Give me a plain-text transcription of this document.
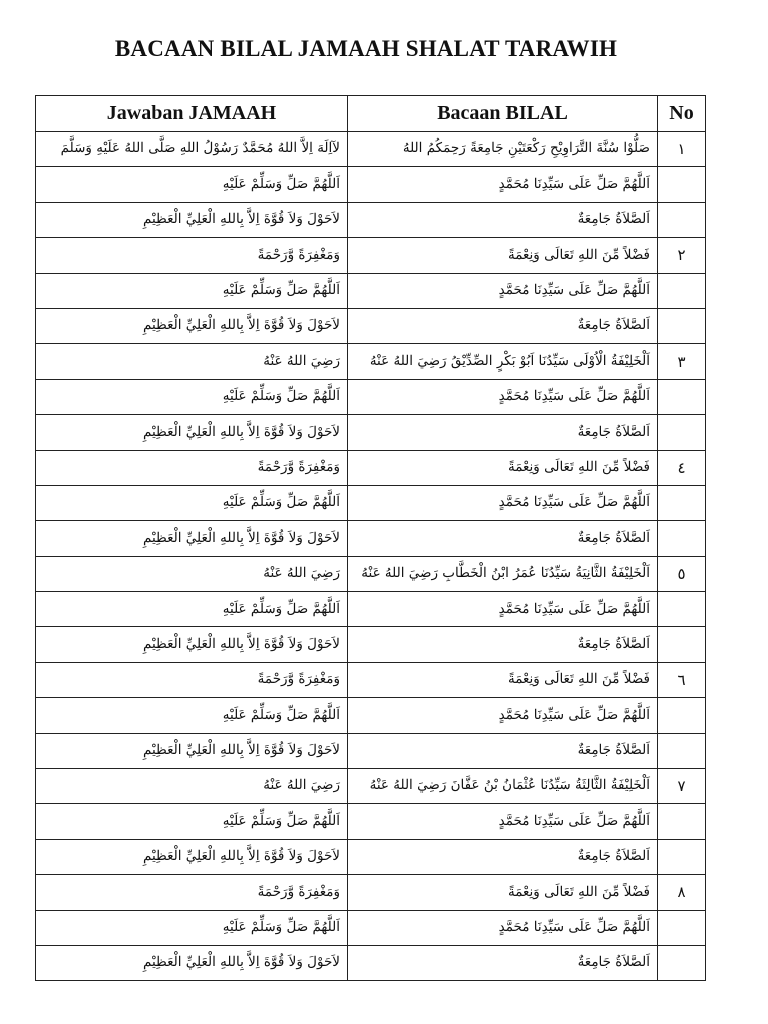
BACAAN BILAL JAMAAH SHALAT TARAWIH
Jawaban JAMAAH	Bacaan BILAL	No
لآاِلَهَ اِلاَّ اللهُ مُحَمَّدٌ رَسُوْلُ اللهِ صَلَّى اللهُ عَلَيْهِ وَسَلَّمَ	صَلُّوْا سُنَّةَ التَّرَاوِيْحِ رَكْعَتَيْنِ جَامِعَةً رَحِمَكُمُ اللهُ	١
اَللَّهُمَّ صَلِّ وَسَلِّمْ عَلَيْهِ	اَللَّهُمَّ صَلِّ عَلَى سَيِّدِنَا مُحَمَّدٍ	
لاَحَوْلَ وَلاَ قُوَّةَ اِلاَّ بِاللهِ الْعَلِيِّ الْعَظِيْمِ	اَلصَّلاَةُ جَامِعَةٌ	
وَمَغْفِرَةً وَّرَحْمَةً	فَضْلاً مِّنَ اللهِ تَعَالَى وَنِعْمَةً	٢
اَللَّهُمَّ صَلِّ وَسَلِّمْ عَلَيْهِ	اَللَّهُمَّ صَلِّ عَلَى سَيِّدِنَا مُحَمَّدٍ	
لاَحَوْلَ وَلاَ قُوَّةَ اِلاَّ بِاللهِ الْعَلِيِّ الْعَظِيْمِ	اَلصَّلاَةُ جَامِعَةٌ	
رَضِيَ اللهُ عَنْهُ	اَلْخَلِيْفَةُ الْاُوْلَى سَيِّدُنَا اَبُوْ بَكْرٍ الصِّدِّيْقُ رَضِيَ اللهُ عَنْهُ	٣
اَللَّهُمَّ صَلِّ وَسَلِّمْ عَلَيْهِ	اَللَّهُمَّ صَلِّ عَلَى سَيِّدِنَا مُحَمَّدٍ	
لاَحَوْلَ وَلاَ قُوَّةَ اِلاَّ بِاللهِ الْعَلِيِّ الْعَظِيْمِ	اَلصَّلاَةُ جَامِعَةٌ	
وَمَغْفِرَةً وَّرَحْمَةً	فَضْلاً مِّنَ اللهِ تَعَالَى وَنِعْمَةً	٤
اَللَّهُمَّ صَلِّ وَسَلِّمْ عَلَيْهِ	اَللَّهُمَّ صَلِّ عَلَى سَيِّدِنَا مُحَمَّدٍ	
لاَحَوْلَ وَلاَ قُوَّةَ اِلاَّ بِاللهِ الْعَلِيِّ الْعَظِيْمِ	اَلصَّلاَةُ جَامِعَةٌ	
رَضِيَ اللهُ عَنْهُ	اَلْخَلِيْفَةُ الثَّانِيَةُ سَيِّدُنَا عُمَرُ ابْنُ الْخَطَّابِ رَضِيَ اللهُ عَنْهُ	٥
اَللَّهُمَّ صَلِّ وَسَلِّمْ عَلَيْهِ	اَللَّهُمَّ صَلِّ عَلَى سَيِّدِنَا مُحَمَّدٍ	
لاَحَوْلَ وَلاَ قُوَّةَ اِلاَّ بِاللهِ الْعَلِيِّ الْعَظِيْمِ	اَلصَّلاَةُ جَامِعَةٌ	
وَمَغْفِرَةً وَّرَحْمَةً	فَضْلاً مِّنَ اللهِ تَعَالَى وَنِعْمَةً	٦
اَللَّهُمَّ صَلِّ وَسَلِّمْ عَلَيْهِ	اَللَّهُمَّ صَلِّ عَلَى سَيِّدِنَا مُحَمَّدٍ	
لاَحَوْلَ وَلاَ قُوَّةَ اِلاَّ بِاللهِ الْعَلِيِّ الْعَظِيْمِ	اَلصَّلاَةُ جَامِعَةٌ	
رَضِيَ اللهُ عَنْهُ	اَلْخَلِيْفَةُ الثَّالِثَةُ سَيِّدُنَا عُثْمَانُ بْنُ عَفَّانَ رَضِيَ اللهُ عَنْهُ	٧
اَللَّهُمَّ صَلِّ وَسَلِّمْ عَلَيْهِ	اَللَّهُمَّ صَلِّ عَلَى سَيِّدِنَا مُحَمَّدٍ	
لاَحَوْلَ وَلاَ قُوَّةَ اِلاَّ بِاللهِ الْعَلِيِّ الْعَظِيْمِ	اَلصَّلاَةُ جَامِعَةٌ	
وَمَغْفِرَةً وَّرَحْمَةً	فَضْلاً مِّنَ اللهِ تَعَالَى وَنِعْمَةً	٨
اَللَّهُمَّ صَلِّ وَسَلِّمْ عَلَيْهِ	اَللَّهُمَّ صَلِّ عَلَى سَيِّدِنَا مُحَمَّدٍ	
لاَحَوْلَ وَلاَ قُوَّةَ اِلاَّ بِاللهِ الْعَلِيِّ الْعَظِيْمِ	اَلصَّلاَةُ جَامِعَةٌ	
